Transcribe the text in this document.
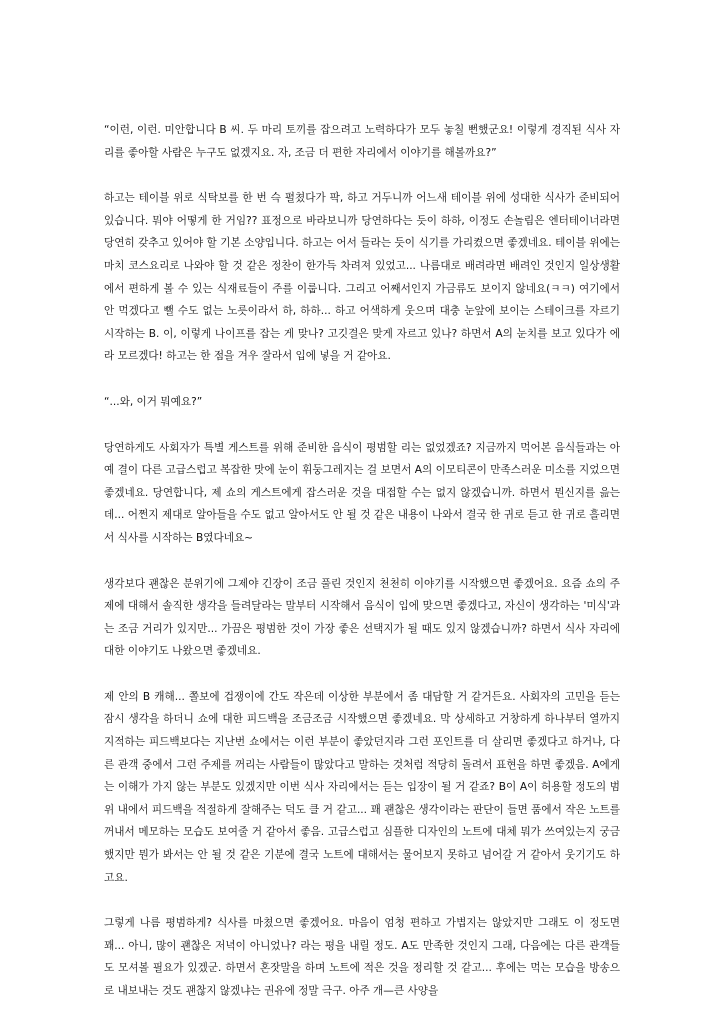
“이런, 이런. 미안합니다 B 씨. 두 마리 토끼를 잡으려고 노력하다가 모두 놓칠 뻔했군요! 이렇게 경직된 식사 자리를 좋아할 사람은 누구도 없겠지요. 자, 조금 더 편한 자리에서 이야기를 해볼까요?”

하고는 테이블 위로 식탁보를 한 번 슥 펼쳤다가 팍, 하고 거두니까 어느새 테이블 위에 성대한 식사가 준비되어 있습니다. 뭐야 어떻게 한 거임?? 표정으로 바라보니까 당연하다는 듯이 하하, 이정도 손놀림은 엔터테이너라면 당연히 갖추고 있어야 할 기본 소양입니다. 하고는 어서 들라는 듯이 식기를 가리켰으면 좋겠네요. 테이블 위에는 마치 코스요리로 나와야 할 것 같은 정찬이 한가득 차려져 있었고... 나름대로 배려라면 배려인 것인지 일상생활에서 편하게 볼 수 있는 식재료들이 주를 이룹니다. 그리고 어째서인지 가금류도 보이지 않네요(ㅋㅋ) 여기에서 안 먹겠다고 뺄 수도 없는 노릇이라서 하, 하하... 하고 어색하게 웃으며 대충 눈앞에 보이는 스테이크를 자르기 시작하는 B. 이, 이렇게 나이프를 잡는 게 맞나? 고깃결은 맞게 자르고 있나? 하면서 A의 눈치를 보고 있다가 에라 모르겠다! 하고는 한 점을 겨우 잘라서 입에 넣을 거 같아요.

“...와, 이거 뭐예요?”

당연하게도 사회자가 특별 게스트를 위해 준비한 음식이 평범할 리는 없었겠죠? 지금까지 먹어본 음식들과는 아예 결이 다른 고급스럽고 복잡한 맛에 눈이 휘둥그레지는 걸 보면서 A의 이모티콘이 만족스러운 미소를 지었으면 좋겠네요. 당연합니다, 제 쇼의 게스트에게 잡스러운 것을 대접할 수는 없지 않겠습니까. 하면서 뭔신지를 읊는데... 어쩐지 제대로 알아들을 수도 없고 알아서도 안 될 것 같은 내용이 나와서 결국 한 귀로 듣고 한 귀로 흘리면서 식사를 시작하는 B였다네요~

생각보다 괜찮은 분위기에 그제야 긴장이 조금 풀린 것인지 천천히 이야기를 시작했으면 좋겠어요. 요즘 쇼의 주제에 대해서 솔직한 생각을 들려달라는 말부터 시작해서 음식이 입에 맞으면 좋겠다고, 자신이 생각하는 '미식'과는 조금 거리가 있지만... 가끔은 평범한 것이 가장 좋은 선택지가 될 때도 있지 않겠습니까? 하면서 식사 자리에 대한 이야기도 나왔으면 좋겠네요.

제 안의 B 캐해... 쫄보에 겁쟁이에 간도 작은데 이상한 부분에서 좀 대담할 거 같거든요. 사회자의 고민을 듣는 잠시 생각을 하더니 쇼에 대한 피드백을 조금조금 시작했으면 좋겠네요. 막 상세하고 거창하게 하나부터 열까지 지적하는 피드백보다는 지난번 쇼에서는 이런 부분이 좋았던지라 그런 포인트를 더 살리면 좋겠다고 하거나, 다른 관객 중에서 그런 주제를 꺼리는 사람들이 많았다고 말하는 것처럼 적당히 돌려서 표현을 하면 좋겠음. A에게는 이해가 가지 않는 부분도 있겠지만 이번 식사 자리에서는 듣는 입장이 될 거 같죠? B이 A이 허용할 정도의 범위 내에서 피드백을 적절하게 잘해주는 덕도 클 거 같고... 꽤 괜찮은 생각이라는 판단이 들면 품에서 작은 노트를 꺼내서 메모하는 모습도 보여줄 거 같아서 좋음. 고급스럽고 심플한 디자인의 노트에 대체 뭐가 쓰여있는지 궁금했지만 뭔가 봐서는 안 될 것 같은 기분에 결국 노트에 대해서는 물어보지 못하고 넘어갈 거 같아서 웃기기도 하고요.

그렇게 나름 평범하게? 식사를 마쳤으면 좋겠어요. 마음이 엄청 편하고 가볍지는 않았지만 그래도 이 정도면 꽤... 아니, 많이 괜찮은 저녁이 아니었나? 라는 평을 내릴 정도. A도 만족한 것인지 그래, 다음에는 다른 관객들도 모셔볼 필요가 있겠군. 하면서 혼잣말을 하며 노트에 적은 것을 정리할 것 같고... 후에는 먹는 모습을 방송으로 내보내는 것도 괜찮지 않겠냐는 권유에 정말 극구. 아주 개—큰 사양을
